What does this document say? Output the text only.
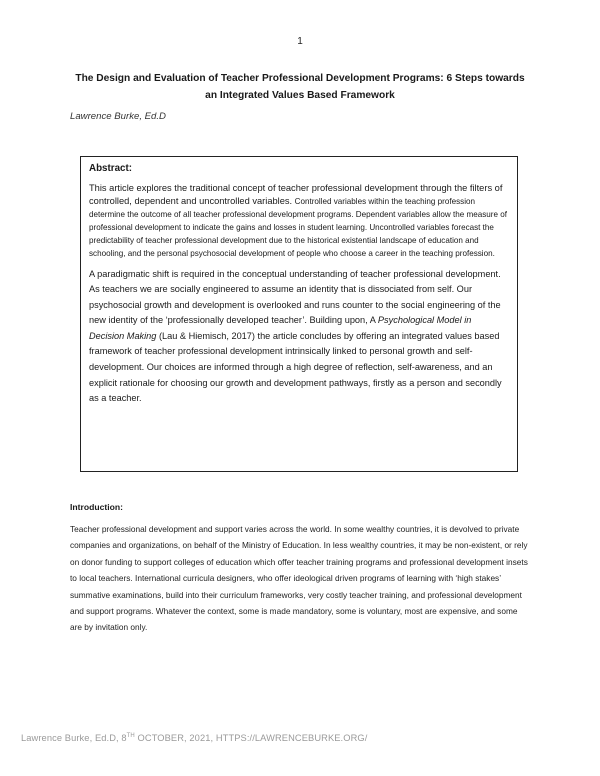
1
The Design and Evaluation of Teacher Professional Development Programs: 6 Steps towards
an Integrated Values Based Framework
Lawrence Burke, Ed.D

Abstract:

This article explores the traditional concept of teacher professional development through the filters of controlled, dependent and uncontrolled variables. Controlled variables within the teaching profession determine the outcome of all teacher professional development programs. Dependent variables allow the measure of professional development to indicate the gains and losses in student learning. Uncontrolled variables forecast the predictability of teacher professional development due to the historical existential landscape of education and schooling, and the personal psychosocial development of people who choose a career in the teaching profession.

A paradigmatic shift is required in the conceptual understanding of teacher professional development. As teachers we are socially engineered to assume an identity that is dissociated from self. Our psychosocial growth and development is overlooked and runs counter to the social engineering of the new identity of the ‘professionally developed teacher’. Building upon, A Psychological Model in Decision Making (Lau & Hiemisch, 2017) the article concludes by offering an integrated values based framework of teacher professional development intrinsically linked to personal growth and self-development. Our choices are informed through a high degree of reflection, self-awareness, and an explicit rationale for choosing our growth and development pathways, firstly as a person and secondly as a teacher.

Introduction:

Teacher professional development and support varies across the world. In some wealthy countries, it is devolved to private companies and organizations, on behalf of the Ministry of Education. In less wealthy countries, it may be non-existent, or rely on donor funding to support colleges of education which offer teacher training programs and professional development insets to local teachers. International curricula designers, who offer ideological driven programs of learning with ‘high stakes’ summative examinations, build into their curriculum frameworks, very costly teacher training, and professional development and support programs. Whatever the context, some is made mandatory, some is voluntary, most are expensive, and some are by invitation only.

Lawrence Burke, Ed.D, 8TH OCTOBER, 2021, HTTPS://LAWRENCEBURKE.ORG/
